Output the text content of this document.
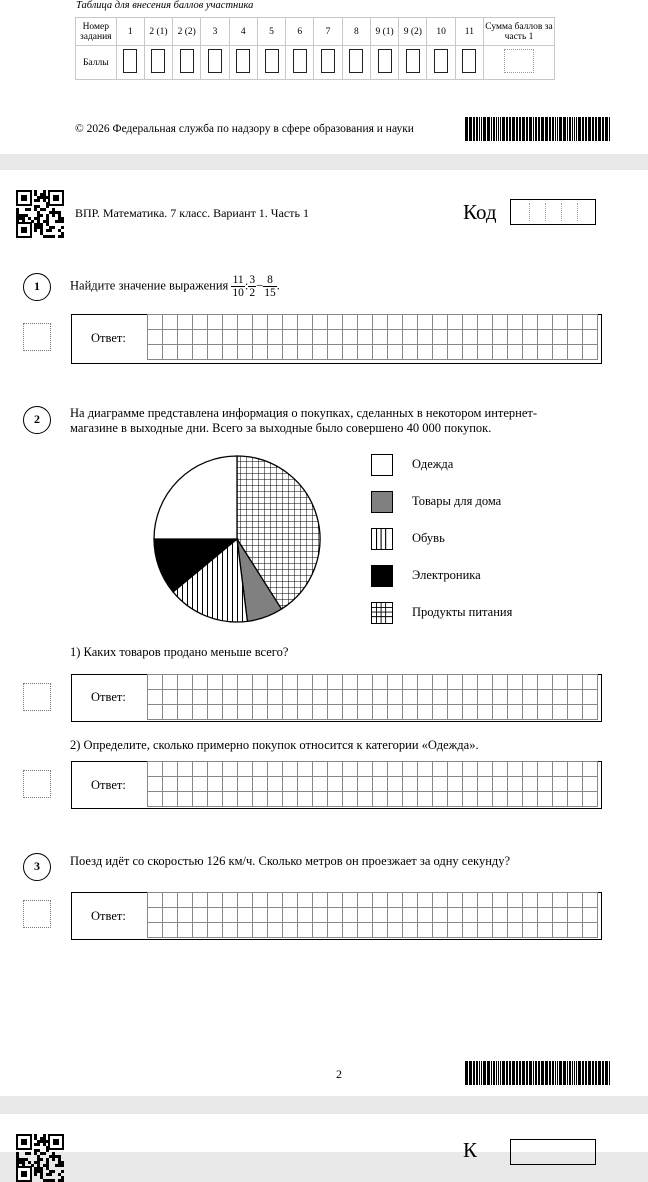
Таблица для внесения баллов участника
Номер задания	1	2 (1)	2 (2)	3	4	5	6	7	8	9 (1)	9 (2)	10	11	Сумма баллов за часть 1
Баллы														
© 2026 Федеральная служба по надзору в сфере образования и науки
ВПР. Математика. 7 класс. Вариант 1. Часть 1	Код
1	Найдите значение выражения $\frac{11}{10}$ : $\frac{3}{2} - \frac{8}{15}$ .
Ответ:
2	На диаграмме представлена информация о покупках, сделанных в некотором интернет-
магазине в выходные дни. Всего за выходные было совершено 40 000 покупок.
Одежда
Товары для дома
Обувь
Электроника
Продукты питания
1) Каких товаров продано меньше всего?
Ответ:
2) Определите, сколько примерно покупок относится к категории «Одежда».
Ответ:
3	Поезд идёт со скоростью 126 км/ч. Сколько метров он проезжает за одну секунду?
Ответ:
2
К
